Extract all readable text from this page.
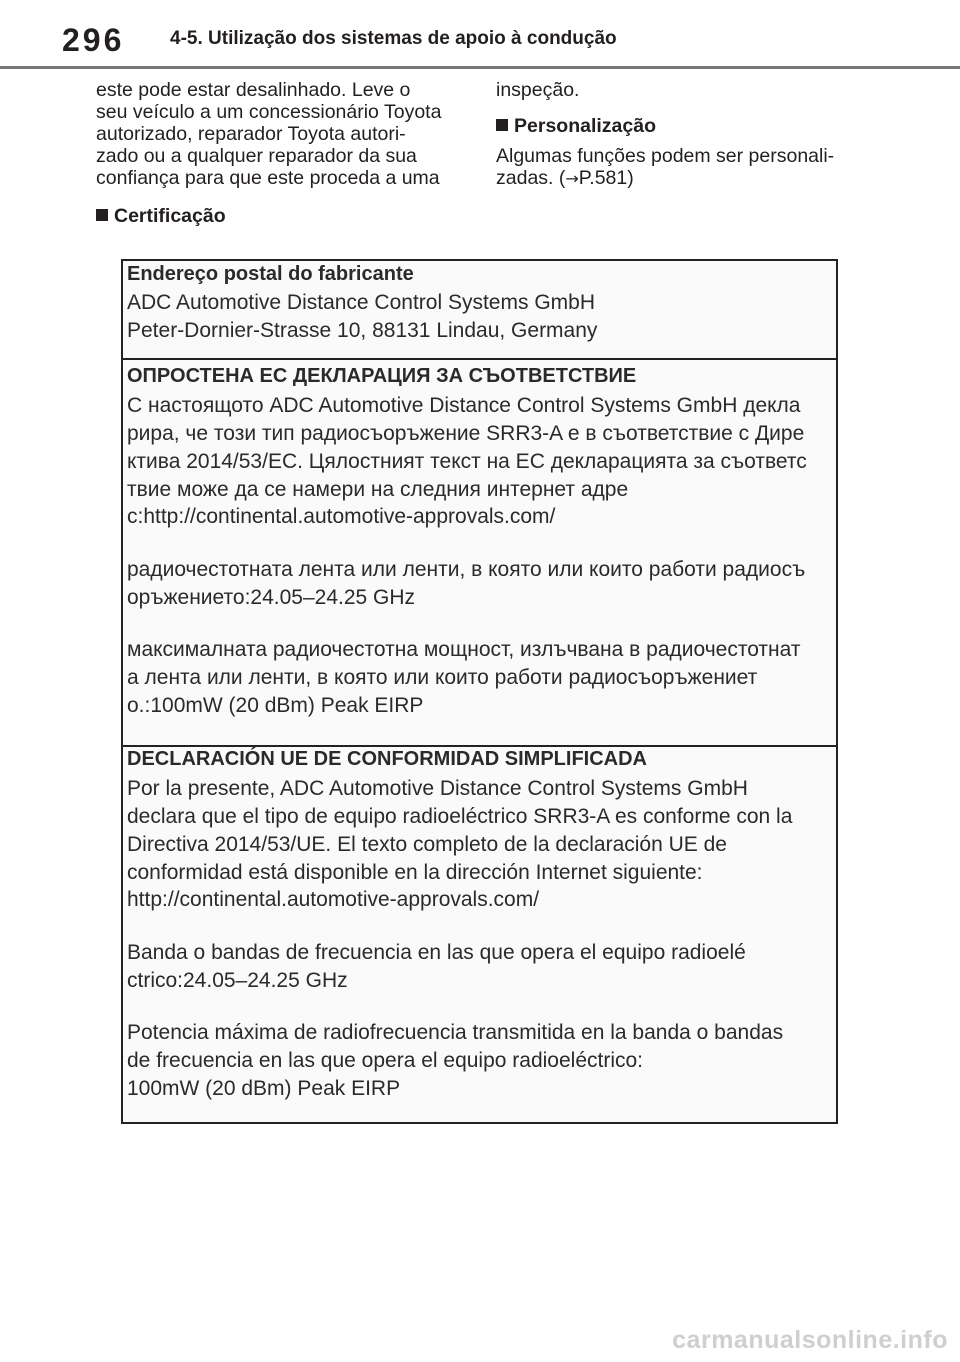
296 4-5. Utilização dos sistemas de apoio à condução

este pode estar desalinhado. Leve o
seu veículo a um concessionário Toyota
autorizado, reparador Toyota autori-
zado ou a qualquer reparador da sua
confiança para que este proceda a uma

Certificação

inspeção.

Personalização

Algumas funções podem ser personali-
zadas. (→P.581)

Endereço postal do fabricante
ADC Automotive Distance Control Systems GmbH
Peter-Dornier-Strasse 10, 88131 Lindau, Germany
ОПРОСТЕНА ЕС ДЕКЛАРАЦИЯ ЗА СЪОТВЕТСТВИЕ
С настоящото ADC Automotive Distance Control Systems GmbH декла
рира, че този тип радиосъоръжение SRR3-A е в съответствие с Дире
ктива 2014/53/ЕС. Цялостният текст на ЕС декларацията за съответс
твие може да се намери на следния интернет адре
c:http://continental.automotive-approvals.com/
радиочестотната лента или ленти, в която или които работи радиосъ
оръжението:24.05–24.25 GHz
максималната радиочестотна мощност, излъчвана в радиочестотнат
а лента или ленти, в която или които работи радиосъоръжениет
о.:100mW (20 dBm) Peak EIRP
DECLARACIÓN UE DE CONFORMIDAD SIMPLIFICADA
Por la presente, ADC Automotive Distance Control Systems GmbH
declara que el tipo de equipo radioeléctrico SRR3-A es conforme con la
Directiva 2014/53/UE. El texto completo de la declaración UE de
conformidad está disponible en la dirección Internet siguiente:
http://continental.automotive-approvals.com/
Banda o bandas de frecuencia en las que opera el equipo radioelé
ctrico:24.05–24.25 GHz
Potencia máxima de radiofrecuencia transmitida en la banda o bandas
de frecuencia en las que opera el equipo radioeléctrico:
100mW (20 dBm) Peak EIRP
carmanualsonline.info
